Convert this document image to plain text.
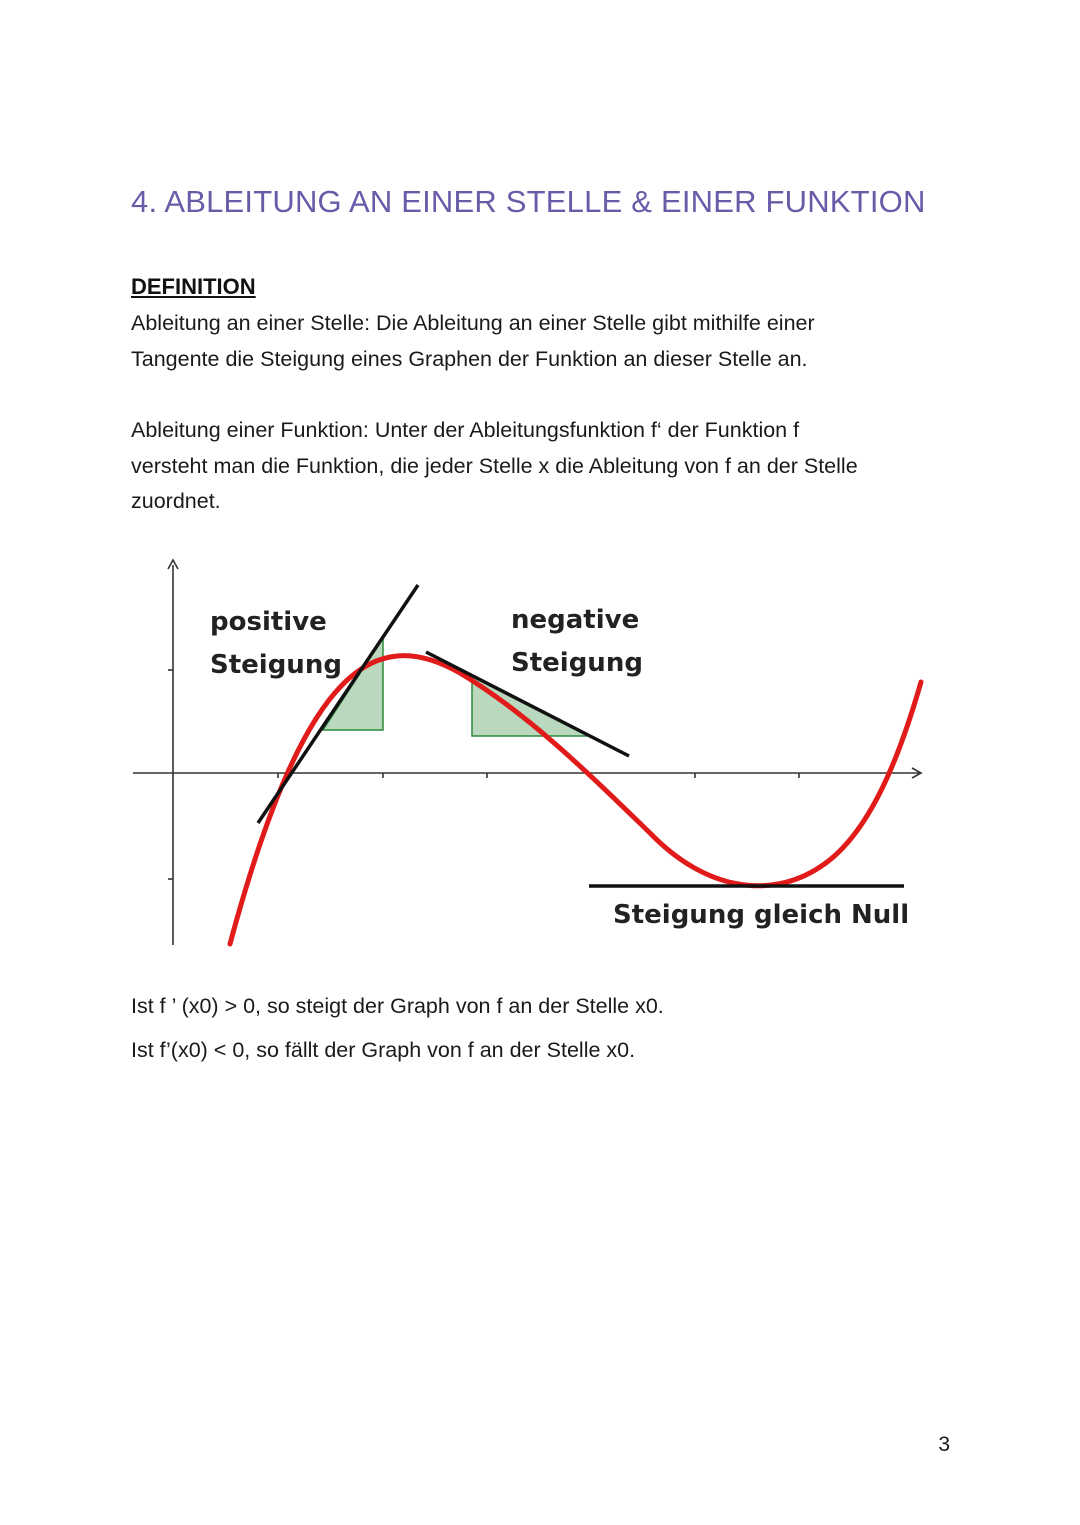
4. ABLEITUNG AN EINER STELLE & EINER FUNKTION
DEFINITION

Ableitung an einer Stelle: Die Ableitung an einer Stelle gibt mithilfe einer
Tangente die Steigung eines Graphen der Funktion an dieser Stelle an.

Ableitung einer Funktion: Unter der Ableitungsfunktion f‘ der Funktion f
versteht man die Funktion, die jeder Stelle x die Ableitung von f an der Stelle
zuordnet.

positive
Steigung
negative
Steigung
Steigung gleich Null

Ist f ’ (x0) > 0, so steigt der Graph von f an der Stelle x0.

Ist f’(x0) < 0, so fällt der Graph von f an der Stelle x0.

3
